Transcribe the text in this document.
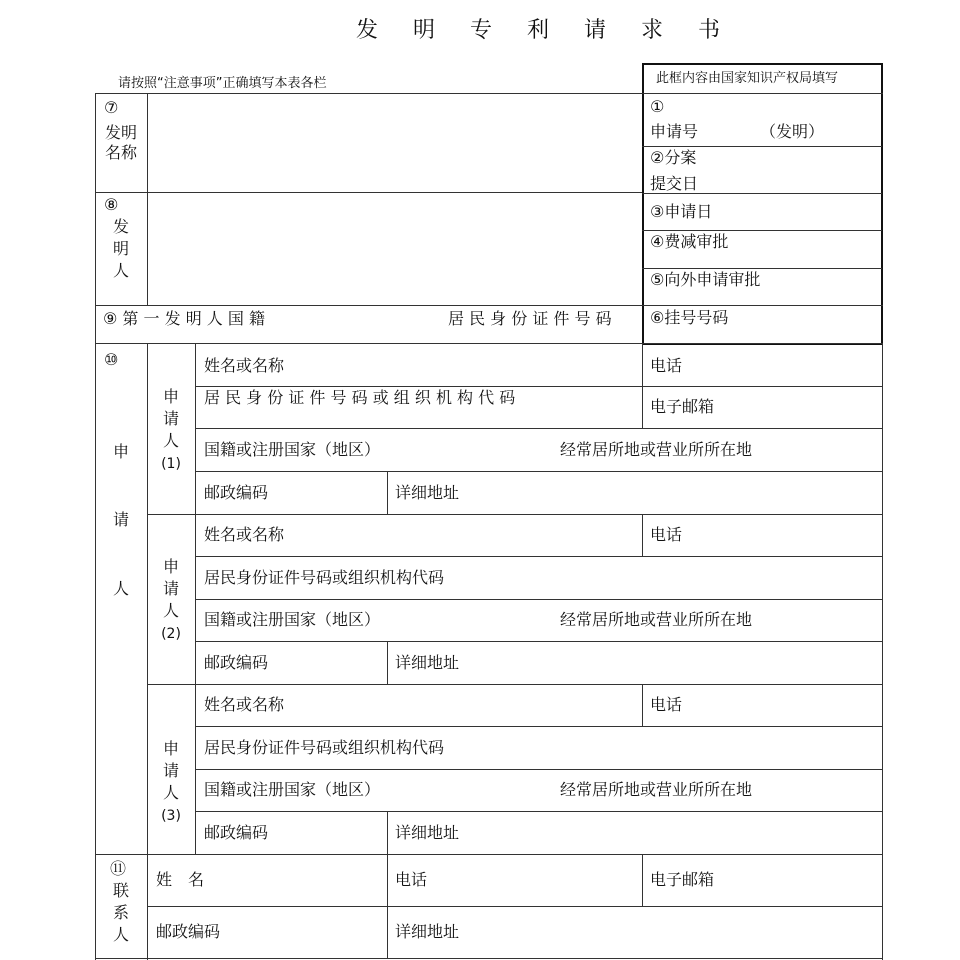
发 明 专 利 请 求 书
请按照“注意事项”正确填写本表各栏	此框内容由国家知识产权局填写
①
申请号	（发明）
②分案
提交日
③申请日
④费减审批
⑤向外申请审批
⑥挂号号码
⑦
发明
名称
⑧
发
明
人
⑨ 第 一 发 明 人 国 籍	居 民 身 份 证 件 号 码
⑩
申
请
人
申
请
人
(1)
姓名或名称	电话
居 民 身 份 证 件 号 码 或 组 织 机 构 代 码	电子邮箱
国籍或注册国家（地区）	经常居所地或营业所所在地
邮政编码	详细地址
申
请
人
(2)
姓名或名称	电话
居民身份证件号码或组织机构代码
国籍或注册国家（地区）	经常居所地或营业所所在地
邮政编码	详细地址
申
请
人
(3)
姓名或名称	电话
居民身份证件号码或组织机构代码
国籍或注册国家（地区）	经常居所地或营业所所在地
邮政编码	详细地址
⑪
联
系
人
姓　名	电话	电子邮箱
邮政编码	详细地址
